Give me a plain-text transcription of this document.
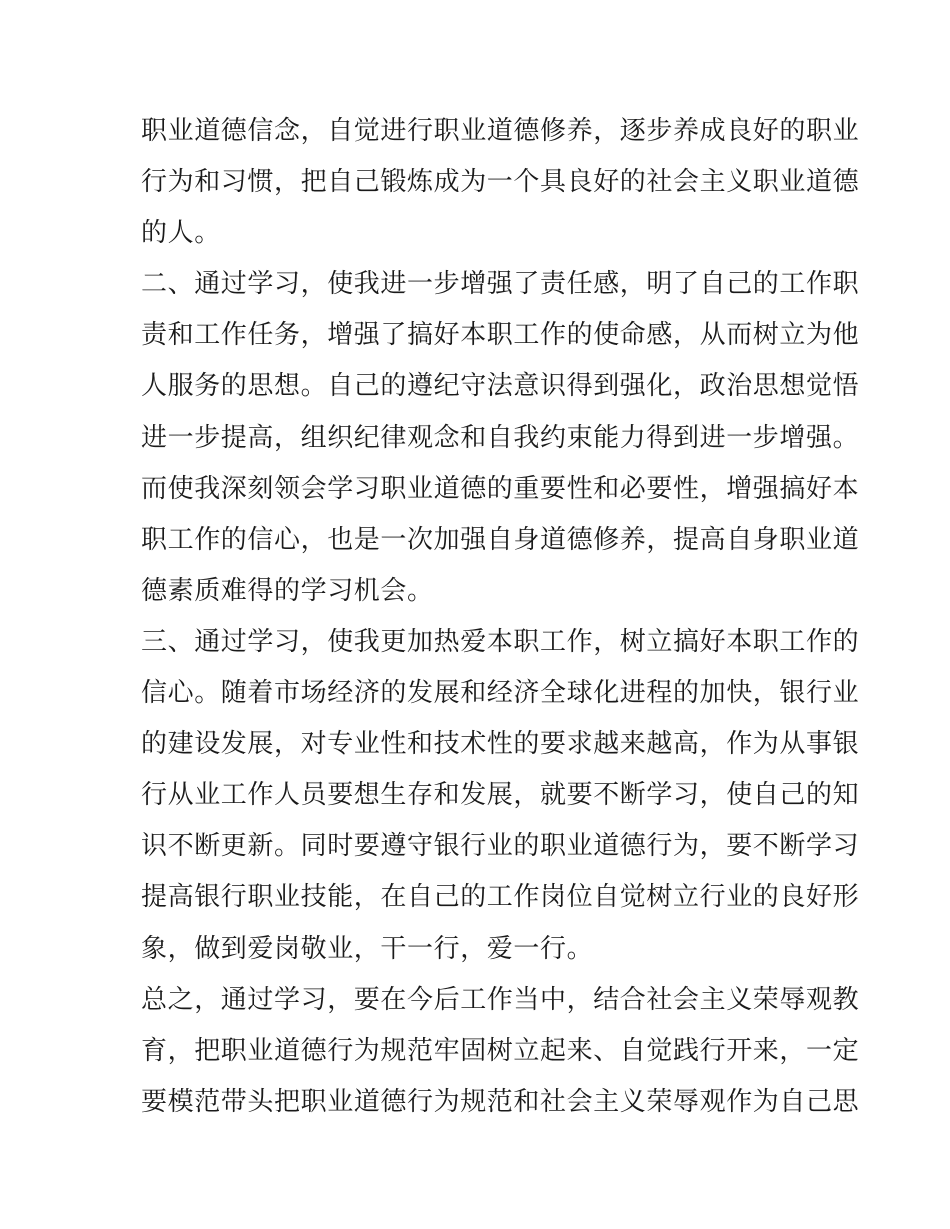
职业道德信念，自觉进行职业道德修养，逐步养成良好的职业
行为和习惯，把自己锻炼成为一个具良好的社会主义职业道德
的人。
二、通过学习，使我进一步增强了责任感，明了自己的工作职
责和工作任务，增强了搞好本职工作的使命感，从而树立为他
人服务的思想。自己的遵纪守法意识得到强化，政治思想觉悟
进一步提高，组织纪律观念和自我约束能力得到进一步增强。
而使我深刻领会学习职业道德的重要性和必要性，增强搞好本
职工作的信心，也是一次加强自身道德修养，提高自身职业道
德素质难得的学习机会。
三、通过学习，使我更加热爱本职工作，树立搞好本职工作的
信心。随着市场经济的发展和经济全球化进程的加快，银行业
的建设发展，对专业性和技术性的要求越来越高，作为从事银
行从业工作人员要想生存和发展，就要不断学习，使自己的知
识不断更新。同时要遵守银行业的职业道德行为，要不断学习
提高银行职业技能，在自己的工作岗位自觉树立行业的良好形
象，做到爱岗敬业，干一行，爱一行。
总之，通过学习，要在今后工作当中，结合社会主义荣辱观教
育，把职业道德行为规范牢固树立起来、自觉践行开来，一定
要模范带头把职业道德行为规范和社会主义荣辱观作为自己思
